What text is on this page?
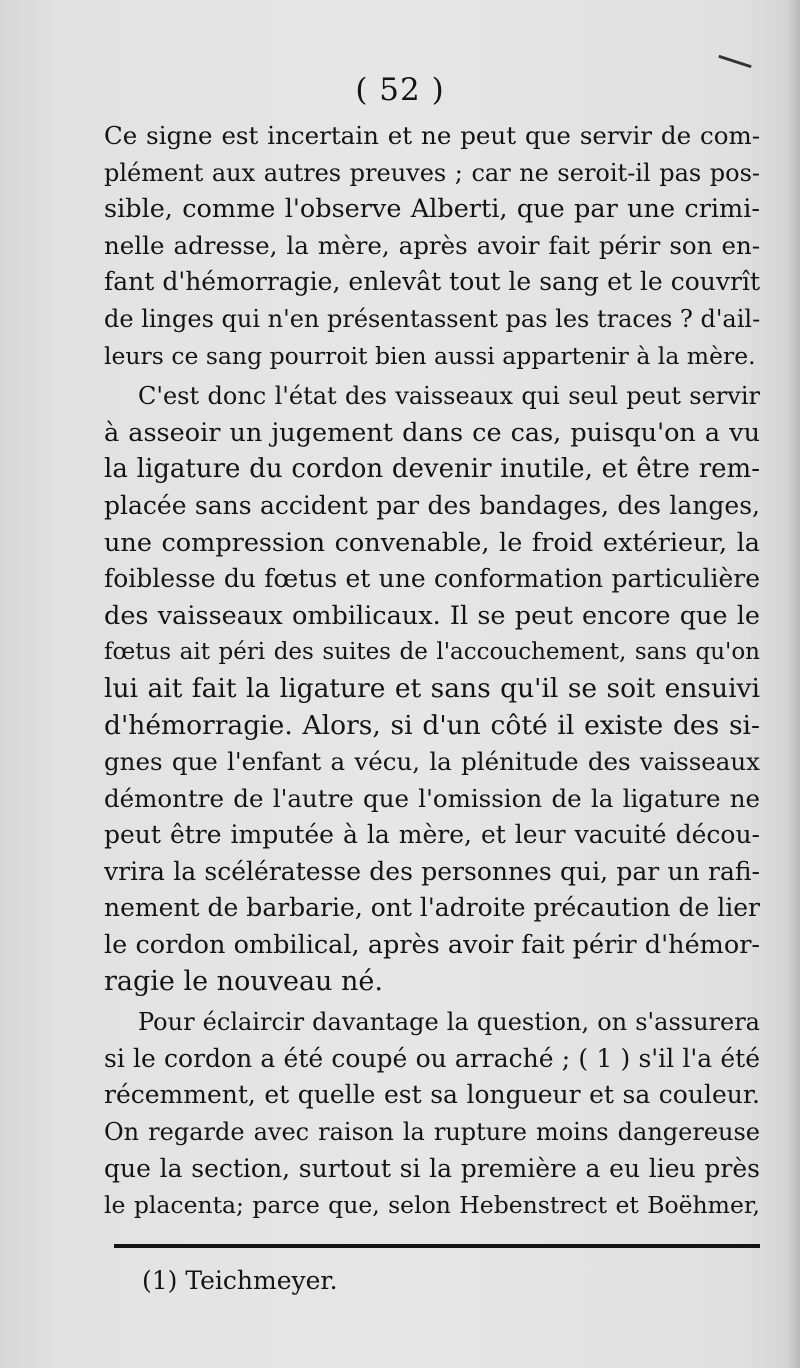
( 52 )
Ce signe est incertain et ne peut que servir de com-
plément aux autres preuves ; car ne seroit-il pas pos-
sible, comme l'observe Alberti, que par une crimi-
nelle adresse, la mère, après avoir fait périr son en-
fant d'hémorragie, enlevât tout le sang et le couvrît
de linges qui n'en présentassent pas les traces ? d'ail-
leurs ce sang pourroit bien aussi appartenir à la mère.
C'est donc l'état des vaisseaux qui seul peut servir
à asseoir un jugement dans ce cas, puisqu'on a vu
la ligature du cordon devenir inutile, et être rem-
placée sans accident par des bandages, des langes,
une compression convenable, le froid extérieur, la
foiblesse du fœtus et une conformation particulière
des vaisseaux ombilicaux. Il se peut encore que le
fœtus ait péri des suites de l'accouchement, sans qu'on
lui ait fait la ligature et sans qu'il se soit ensuivi
d'hémorragie. Alors, si d'un côté il existe des si-
gnes que l'enfant a vécu, la plénitude des vaisseaux
démontre de l'autre que l'omission de la ligature ne
peut être imputée à la mère, et leur vacuité décou-
vrira la scélératesse des personnes qui, par un rafi-
nement de barbarie, ont l'adroite précaution de lier
le cordon ombilical, après avoir fait périr d'hémor-
ragie le nouveau né.
Pour éclaircir davantage la question, on s'assurera
si le cordon a été coupé ou arraché ; ( 1 ) s'il l'a été
récemment, et quelle est sa longueur et sa couleur.
On regarde avec raison la rupture moins dangereuse
que la section, surtout si la première a eu lieu près
le placenta; parce que, selon Hebenstrect et Boëhmer,
(1) Teichmeyer.
